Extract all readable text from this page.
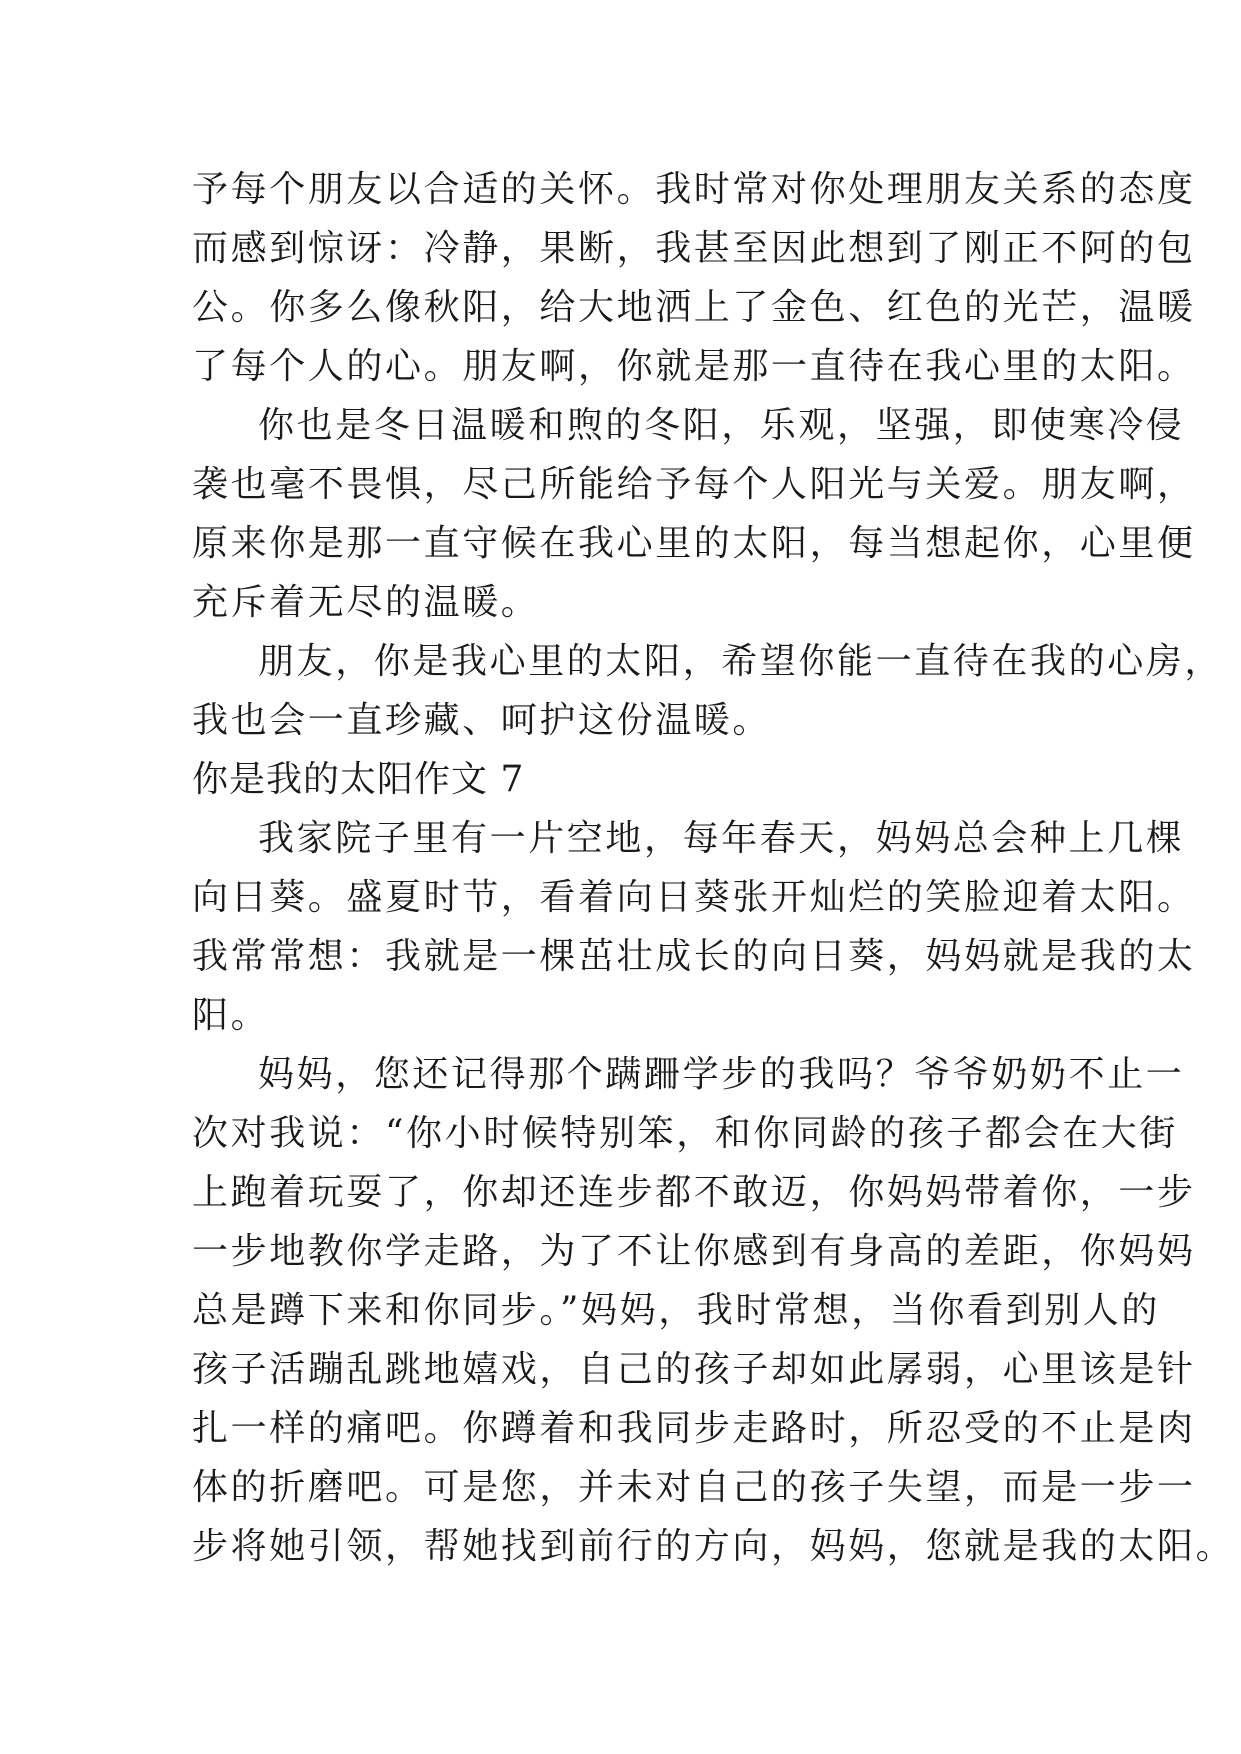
予每个朋友以合适的关怀。我时常对你处理朋友关系的态度
而感到惊讶：冷静，果断，我甚至因此想到了刚正不阿的包
公。你多么像秋阳，给大地洒上了金色、红色的光芒，温暖
了每个人的心。朋友啊，你就是那一直待在我心里的太阳。
你也是冬日温暖和煦的冬阳，乐观，坚强，即使寒冷侵
袭也毫不畏惧，尽己所能给予每个人阳光与关爱。朋友啊，
原来你是那一直守候在我心里的太阳，每当想起你，心里便
充斥着无尽的温暖。
朋友，你是我心里的太阳，希望你能一直待在我的心房，
我也会一直珍藏、呵护这份温暖。
你是我的太阳作文 7
我家院子里有一片空地，每年春天，妈妈总会种上几棵
向日葵。盛夏时节，看着向日葵张开灿烂的笑脸迎着太阳。
我常常想：我就是一棵茁壮成长的向日葵，妈妈就是我的太
阳。
妈妈，您还记得那个蹒跚学步的我吗？爷爷奶奶不止一
次对我说：“你小时候特别笨，和你同龄的孩子都会在大街
上跑着玩耍了，你却还连步都不敢迈，你妈妈带着你，一步
一步地教你学走路，为了不让你感到有身高的差距，你妈妈
总是蹲下来和你同步。”妈妈，我时常想，当你看到别人的
孩子活蹦乱跳地嬉戏，自己的孩子却如此孱弱，心里该是针
扎一样的痛吧。你蹲着和我同步走路时，所忍受的不止是肉
体的折磨吧。可是您，并未对自己的孩子失望，而是一步一
步将她引领，帮她找到前行的方向，妈妈，您就是我的太阳。
